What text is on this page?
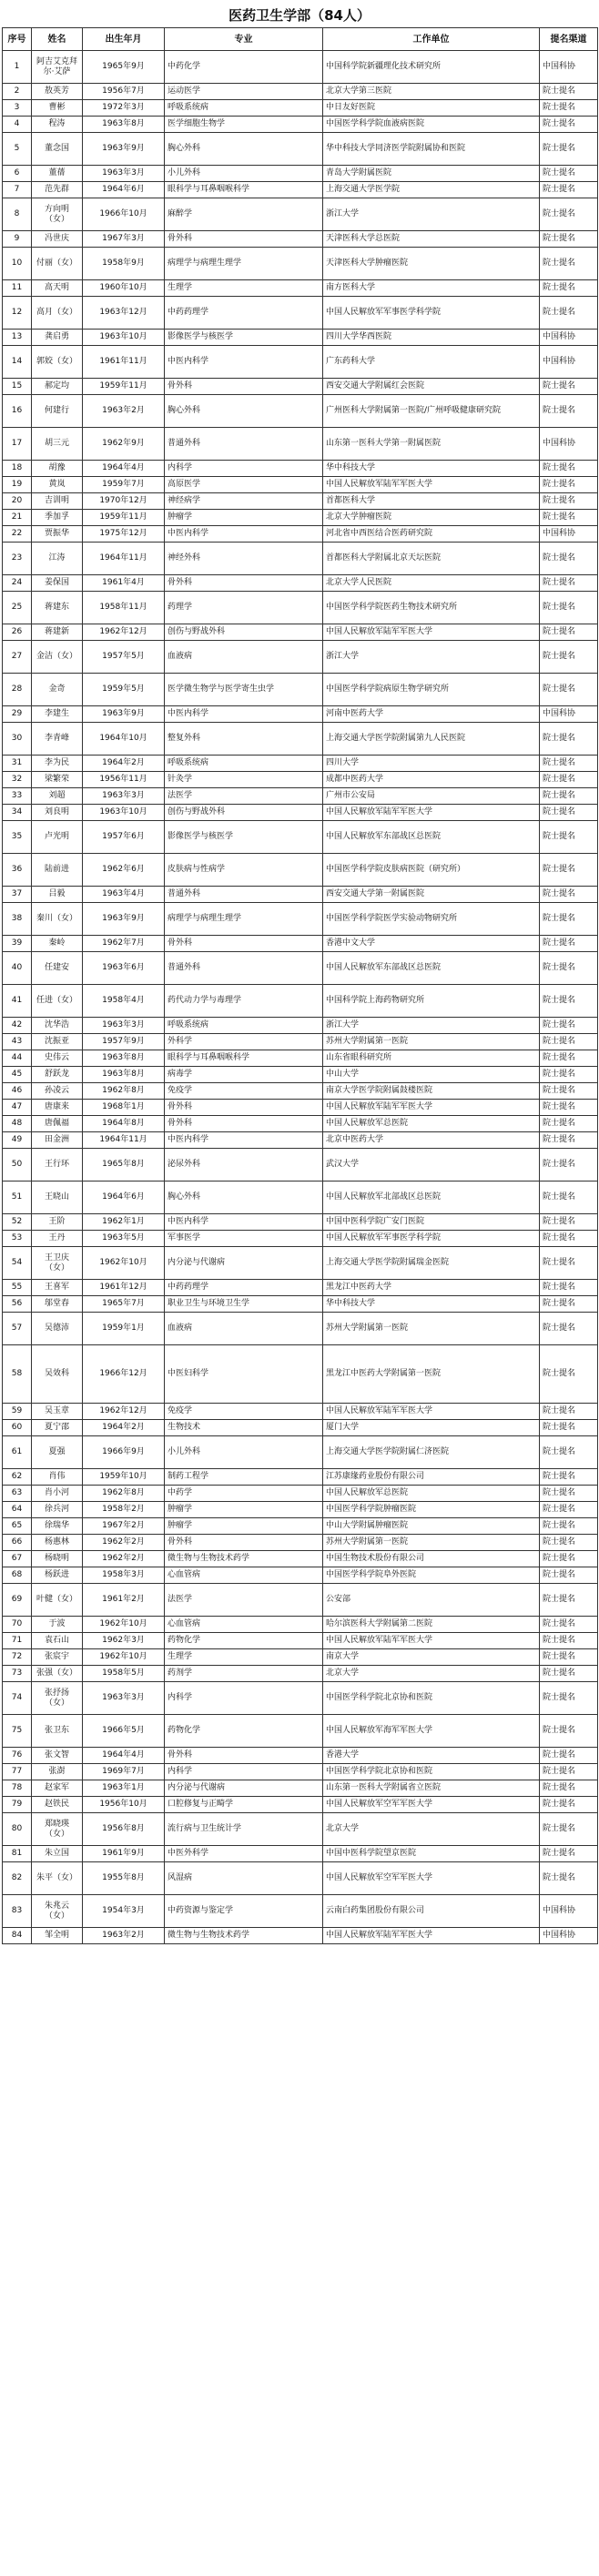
医药卫生学部（84人）
序号	姓名	出生年月	专业	工作单位	提名渠道
1	阿吉艾克拜尔·艾萨	1965年9月	中药化学	中国科学院新疆理化技术研究所	中国科协
2	敖英芳	1956年7月	运动医学	北京大学第三医院	院士提名
3	曹彬	1972年3月	呼吸系统病	中日友好医院	院士提名
4	程涛	1963年8月	医学细胞生物学	中国医学科学院血液病医院	院士提名
5	董念国	1963年9月	胸心外科	华中科技大学同济医学院附属协和医院	院士提名
6	董蒨	1963年3月	小儿外科	青岛大学附属医院	院士提名
7	范先群	1964年6月	眼科学与耳鼻咽喉科学	上海交通大学医学院	院士提名
8	方向明（女）	1966年10月	麻醉学	浙江大学	院士提名
9	冯世庆	1967年3月	骨外科	天津医科大学总医院	院士提名
10	付丽（女）	1958年9月	病理学与病理生理学	天津医科大学肿瘤医院	院士提名
11	高天明	1960年10月	生理学	南方医科大学	院士提名
12	高月（女）	1963年12月	中药药理学	中国人民解放军军事医学科学院	院士提名
13	龚启勇	1963年10月	影像医学与核医学	四川大学华西医院	中国科协
14	郭姣（女）	1961年11月	中医内科学	广东药科大学	中国科协
15	郝定均	1959年11月	骨外科	西安交通大学附属红会医院	院士提名
16	何建行	1963年2月	胸心外科	广州医科大学附属第一医院/广州呼吸健康研究院	院士提名
17	胡三元	1962年9月	普通外科	山东第一医科大学第一附属医院	中国科协
18	胡豫	1964年4月	内科学	华中科技大学	院士提名
19	黄岚	1959年7月	高原医学	中国人民解放军陆军军医大学	院士提名
20	吉训明	1970年12月	神经病学	首都医科大学	院士提名
21	季加孚	1959年11月	肿瘤学	北京大学肿瘤医院	院士提名
22	贾振华	1975年12月	中医内科学	河北省中西医结合医药研究院	中国科协
23	江涛	1964年11月	神经外科	首都医科大学附属北京天坛医院	院士提名
24	姜保国	1961年4月	骨外科	北京大学人民医院	院士提名
25	蒋建东	1958年11月	药理学	中国医学科学院医药生物技术研究所	院士提名
26	蒋建新	1962年12月	创伤与野战外科	中国人民解放军陆军军医大学	院士提名
27	金洁（女）	1957年5月	血液病	浙江大学	院士提名
28	金奇	1959年5月	医学微生物学与医学寄生虫学	中国医学科学院病原生物学研究所	院士提名
29	李建生	1963年9月	中医内科学	河南中医药大学	中国科协
30	李青峰	1964年10月	整复外科	上海交通大学医学院附属第九人民医院	院士提名
31	李为民	1964年2月	呼吸系统病	四川大学	院士提名
32	梁繁荣	1956年11月	针灸学	成都中医药大学	院士提名
33	刘超	1963年3月	法医学	广州市公安局	院士提名
34	刘良明	1963年10月	创伤与野战外科	中国人民解放军陆军军医大学	院士提名
35	卢光明	1957年6月	影像医学与核医学	中国人民解放军东部战区总医院	院士提名
36	陆前进	1962年6月	皮肤病与性病学	中国医学科学院皮肤病医院（研究所）	院士提名
37	吕毅	1963年4月	普通外科	西安交通大学第一附属医院	院士提名
38	秦川（女）	1963年9月	病理学与病理生理学	中国医学科学院医学实验动物研究所	院士提名
39	秦岭	1962年7月	骨外科	香港中文大学	院士提名
40	任建安	1963年6月	普通外科	中国人民解放军东部战区总医院	院士提名
41	任进（女）	1958年4月	药代动力学与毒理学	中国科学院上海药物研究所	院士提名
42	沈华浩	1963年3月	呼吸系统病	浙江大学	院士提名
43	沈振亚	1957年9月	外科学	苏州大学附属第一医院	院士提名
44	史伟云	1963年8月	眼科学与耳鼻咽喉科学	山东省眼科研究所	院士提名
45	舒跃龙	1963年8月	病毒学	中山大学	院士提名
46	孙凌云	1962年8月	免疫学	南京大学医学院附属鼓楼医院	院士提名
47	唐康来	1968年1月	骨外科	中国人民解放军陆军军医大学	院士提名
48	唐佩福	1964年8月	骨外科	中国人民解放军总医院	院士提名
49	田金洲	1964年11月	中医内科学	北京中医药大学	院士提名
50	王行环	1965年8月	泌尿外科	武汉大学	院士提名
51	王晓山	1964年6月	胸心外科	中国人民解放军北部战区总医院	院士提名
52	王阶	1962年1月	中医内科学	中国中医科学院广安门医院	院士提名
53	王丹	1963年5月	军事医学	中国人民解放军军事医学科学院	院士提名
54	王卫庆（女）	1962年10月	内分泌与代谢病	上海交通大学医学院附属瑞金医院	院士提名
55	王喜军	1961年12月	中药药理学	黑龙江中医药大学	院士提名
56	邬堂春	1965年7月	职业卫生与环境卫生学	华中科技大学	院士提名
57	吴德沛	1959年1月	血液病	苏州大学附属第一医院	院士提名
58	吴效科	1966年12月	中医妇科学	黑龙江中医药大学附属第一医院	院士提名
59	吴玉章	1962年12月	免疫学	中国人民解放军陆军军医大学	院士提名
60	夏宁邵	1964年2月	生物技术	厦门大学	院士提名
61	夏强	1966年9月	小儿外科	上海交通大学医学院附属仁济医院	院士提名
62	肖伟	1959年10月	制药工程学	江苏康缘药业股份有限公司	院士提名
63	肖小河	1962年8月	中药学	中国人民解放军总医院	院士提名
64	徐兵河	1958年2月	肿瘤学	中国医学科学院肿瘤医院	院士提名
65	徐瑞华	1967年2月	肿瘤学	中山大学附属肿瘤医院	院士提名
66	杨惠林	1962年2月	骨外科	苏州大学附属第一医院	院士提名
67	杨晓明	1962年2月	微生物与生物技术药学	中国生物技术股份有限公司	院士提名
68	杨跃进	1958年3月	心血管病	中国医学科学院阜外医院	院士提名
69	叶健（女）	1961年2月	法医学	公安部	院士提名
70	于波	1962年10月	心血管病	哈尔滨医科大学附属第二医院	院士提名
71	袁石山	1962年3月	药物化学	中国人民解放军陆军军医大学	院士提名
72	张宸宇	1962年10月	生理学	南京大学	院士提名
73	张强（女）	1958年5月	药剂学	北京大学	院士提名
74	张抒扬（女）	1963年3月	内科学	中国医学科学院北京协和医院	院士提名
75	张卫东	1966年5月	药物化学	中国人民解放军海军军医大学	院士提名
76	张文智	1964年4月	骨外科	香港大学	院士提名
77	张澍	1969年7月	内科学	中国医学科学院北京协和医院	院士提名
78	赵家军	1963年1月	内分泌与代谢病	山东第一医科大学附属省立医院	院士提名
79	赵铁民	1956年10月	口腔修复与正畸学	中国人民解放军空军军医大学	院士提名
80	郑晓瑛（女）	1956年8月	流行病与卫生统计学	北京大学	院士提名
81	朱立国	1961年9月	中医外科学	中国中医科学院望京医院	院士提名
82	朱平（女）	1955年8月	风湿病	中国人民解放军空军军医大学	院士提名
83	朱兆云（女）	1954年3月	中药资源与鉴定学	云南白药集团股份有限公司	中国科协
84	邹全明	1963年2月	微生物与生物技术药学	中国人民解放军陆军军医大学	中国科协
